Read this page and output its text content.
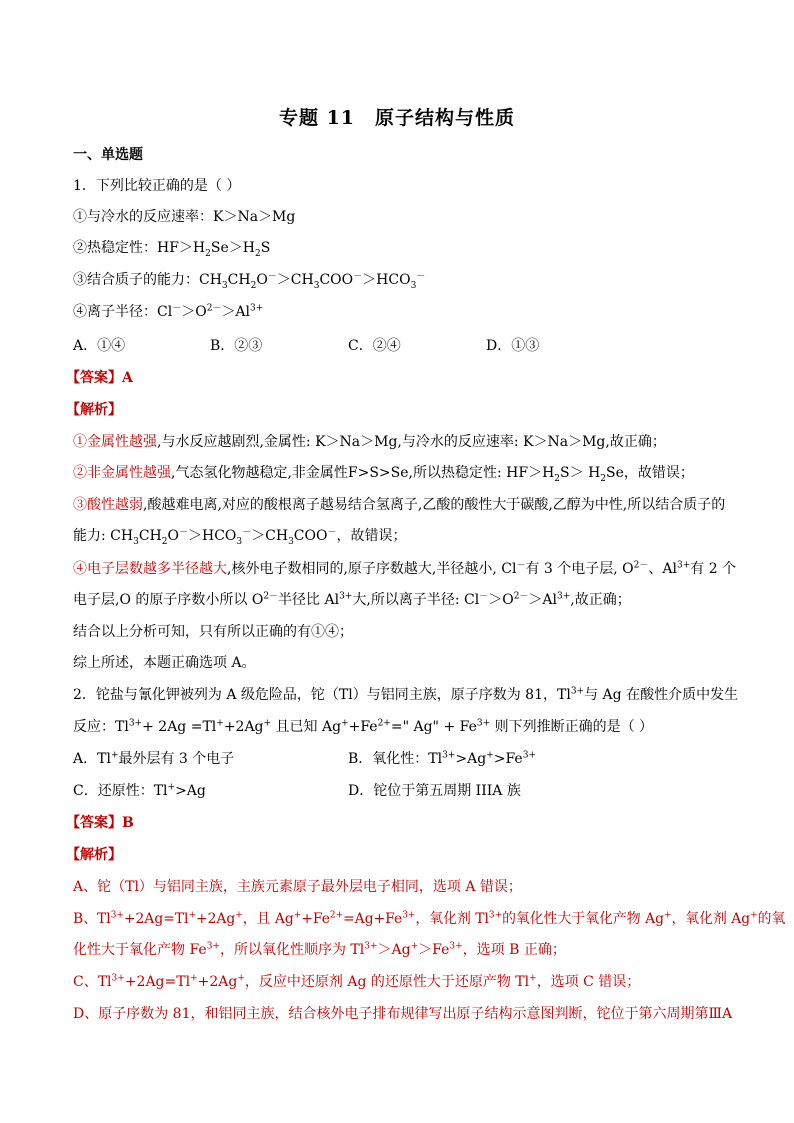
专题 11　原子结构与性质
一、单选题
1．下列比较正确的是（ ）
①与冷水的反应速率：K＞Na＞Mg
②热稳定性：$HF>H_2Se>H_2S$
③结合质子的能力：$CH_3CH_2O^->CH_3COO^->HCO_3^-$
④离子半径：$Cl^->O^{2-}>Al^{3+}$
A．①④	B．②③	C．②④	D．①③
【答案】A
【解析】
①金属性越强,与水反应越剧烈,金属性: K＞Na＞Mg,与冷水的反应速率: K＞Na＞Mg,故正确；
②非金属性越强,气态氢化物越稳定,非金属性F>S>Se,所以热稳定性: $HF>H_2S> H_2Se$，故错误；
③酸性越弱,酸越难电离,对应的酸根离子越易结合氢离子,乙酸的酸性大于碳酸,乙醇为中性,所以结合质子的
能力: $CH_3CH_2O^->HCO_3^->CH_3COO^-$，故错误；
④电子层数越多半径越大,核外电子数相同的,原子序数越大,半径越小, Cl－有 3 个电子层, $O^{2-}$、$Al^{3+}$有 2 个
电子层,O 的原子序数小所以 $O^{2-}$半径比 $Al^{3+}$大,所以离子半径: $Cl^->O^{2-}>Al^{3+}$,故正确；
结合以上分析可知，只有所以正确的有①④；
综上所述，本题正确选项 A。
2．铊盐与氰化钾被列为 A 级危险品，铊（Tl）与铝同主族，原子序数为 81，$Tl^{3+}$与 Ag 在酸性介质中发生
反应：$Tl^{3+}+ 2Ag =Tl^++2Ag^+$ 且已知 $Ag^++Fe^{2+}=$" Ag" + $Fe^{3+}$ 则下列推断正确的是（ ）
A．Tl+最外层有 3 个电子	B．氧化性：$Tl^{3+}>Ag^+>Fe^{3+}$
C．还原性：Tl+>Ag	D．铊位于第五周期 IIIA 族
【答案】B
【解析】
A、铊（Tl）与铝同主族，主族元素原子最外层电子相同，选项 A 错误；
B、$Tl^{3+}+2Ag=Tl^++2Ag^+$，且 $Ag^++Fe^{2+}=Ag+Fe^{3+}$，氧化剂 $Tl^{3+}$的氧化性大于氧化产物 Ag+，氧化剂 Ag+的氧
化性大于氧化产物 $Fe^{3+}$，所以氧化性顺序为 $Tl^{3+}>Ag^+>Fe^{3+}$，选项 B 正确；
C、$Tl^{3+}+2Ag=Tl^++2Ag^+$，反应中还原剂 Ag 的还原性大于还原产物 Tl+，选项 C 错误；
D、原子序数为 81，和铝同主族，结合核外电子排布规律写出原子结构示意图判断，铊位于第六周期第ⅢA
